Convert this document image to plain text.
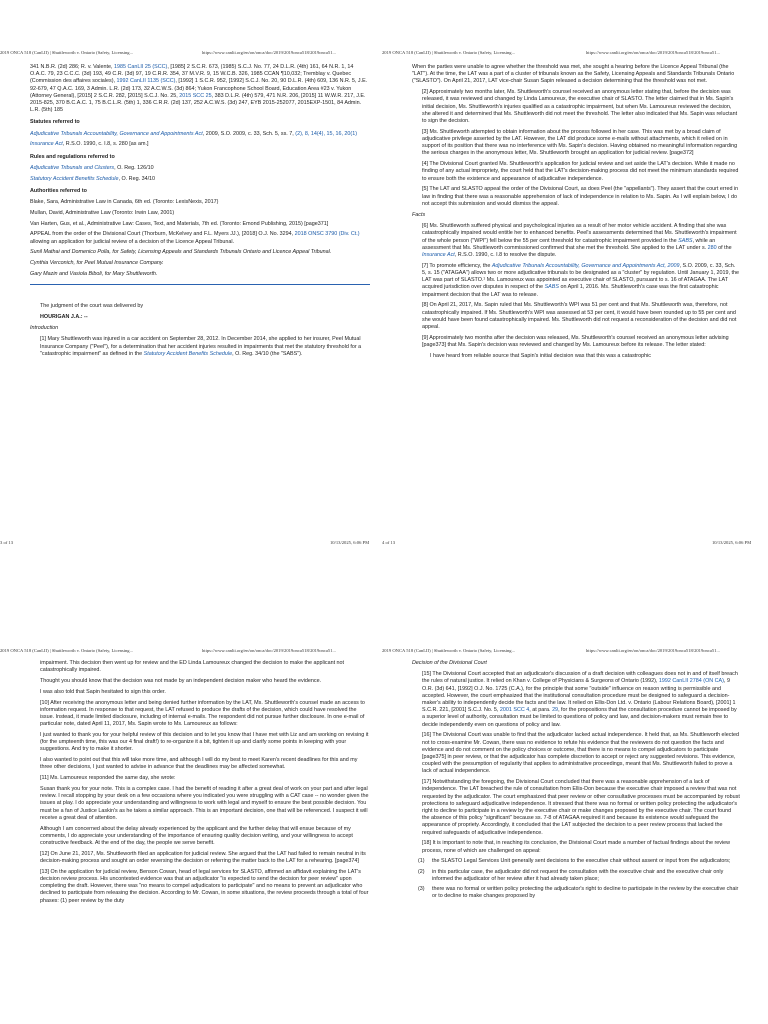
2019 ONCA 518 (CanLII) | Shuttleworth v. Ontario (Safety, Licensing...	https://www.canlii.org/en/on/onca/doc/2019/2019onca518/2019onca51...	2019 ONCA 518 (CanLII) | Shuttleworth v. Ontario (Safety, Licensing...	https://www.canlii.org/en/on/onca/doc/2019/2019onca518/2019onca51...

341 N.B.R. (2d) 286; R. v. Valente, 1985 CanLII 25 (SCC), [1985] 2 S.C.R. 673, (1985) S.C.J. No. 77, 24 D.L.R. (4th) 161, 64 N.R. 1, 14 O.A.C. 79, 23 C.C.C. (3d) 193, 49 C.R. (3d) 97, 19 C.R.R. 354, 37 M.V.R. 9, 15 W.C.B. 326, 1985 CCAN ¶10,032; Tremblay v. Quebec (Commission des affaires sociales), 1992 CanLII 1135 (SCC), [1992] 1 S.C.R. 952, [1992] S.C.J. No. 20, 90 D.L.R. (4th) 609, 136 N.R. 5, J.E. 92-679, 47 Q.A.C. 169, 3 Admin. L.R. (2d) 173, 32 A.C.W.S. (3d) 864; Yukon Francophone School Board, Education Area #23 v. Yukon (Attorney General), [2015] 2 S.C.R. 282, [2015] S.C.J. No. 25, 2015 SCC 25, 383 D.L.R. (4th) 579, 471 N.R. 206, [2015] 11 W.W.R. 217, J.E. 2015-825, 370 B.C.A.C. 1, 75 B.C.L.R. (5th) 1, 336 C.R.R. (2d) 137, 252 A.C.W.S. (3d) 247, EYB 2015-252077, 2015EXP-1501, 84 Admin. L.R. (5th) 185

Statutes referred to

Adjudicative Tribunals Accountability, Governance and Appointments Act, 2009, S.O. 2009, c. 33, Sch. 5, ss. 7, (2), 8, 14(4), 15, 16, 20(1)

Insurance Act, R.S.O. 1990, c. I.8, s. 280 [as am.]

Rules and regulations referred to

Adjudicative Tribunals and Clusters, O. Reg. 126/10

Statutory Accident Benefits Schedule, O. Reg. 34/10

Authorities referred to

Blake, Sara, Administrative Law in Canada, 6th ed. (Toronto: LexisNexis, 2017)

Mullan, David, Administrative Law (Toronto: Irwin Law, 2001)

Van Harten, Gus, et al., Administrative Law: Cases, Text, and Materials, 7th ed. (Toronto: Emond Publishing, 2015) [page371]

APPEAL from the order of the Divisional Court (Thorburn, McKelvey and F.L. Myers JJ.), [2018] O.J. No. 3294, 2018 ONSC 3790 (Div. Ct.) allowing an application for judicial review of a decision of the Licence Appeal Tribunal.

Sunil Mathai and Domenico Polla, for Safety, Licensing Appeals and Standards Tribunals Ontario and Licence Appeal Tribunal.

Cynthia Verconich, for Peel Mutual Insurance Company.

Gary Mazin and Vasiola Biboli, for Mary Shuttleworth.

The judgment of the court was delivered by

HOURIGAN J.A.: --

Introduction

[1] Mary Shuttleworth was injured in a car accident on September 28, 2012. In December 2014, she applied to her insurer, Peel Mutual Insurance Company ("Peel"), for a determination that her accident injuries resulted in impairments that met the statutory threshold for a "catastrophic impairment" as defined in the Statutory Accident Benefits Schedule, O. Reg. 34/10 (the "SABS").

When the parties were unable to agree whether the threshold was met, she sought a hearing before the Licence Appeal Tribunal (the "LAT"). At the time, the LAT was a part of a cluster of tribunals known as the Safety, Licensing Appeals and Standards Tribunals Ontario ("SLASTO"). On April 21, 2017, LAT vice-chair Susan Sapin released a decision determining that the threshold was not met.

[2] Approximately two months later, Ms. Shuttleworth's counsel received an anonymous letter stating that, before the decision was released, it was reviewed and changed by Linda Lamoureux, the executive chair of SLASTO. The letter claimed that in Ms. Sapin's initial decision, Ms. Shuttleworth's injuries qualified as a catastrophic impairment, but when Ms. Lamoureux reviewed the decision, she altered it and determined that Ms. Shuttleworth did not meet the threshold. The letter also indicated that Ms. Sapin was reluctant to sign the decision.

[3] Ms. Shuttleworth attempted to obtain information about the process followed in her case. This was met by a broad claim of adjudicative privilege asserted by the LAT. However, the LAT did produce some e-mails without attachments, which it relied on in support of its position that there was no interference with Ms. Sapin's decision. Having obtained no meaningful information regarding the serious charges in the anonymous letter, Ms. Shuttleworth brought an application for judicial review. [page372]

[4] The Divisional Court granted Ms. Shuttleworth's application for judicial review and set aside the LAT's decision. While it made no finding of any actual impropriety, the court held that the LAT's decision-making process did not meet the minimum standards required to ensure both the existence and appearance of adjudicative independence.

[5] The LAT and SLASTO appeal the order of the Divisional Court, as does Peel (the "appellants"). They assert that the court erred in law in finding that there was a reasonable apprehension of lack of independence in relation to Ms. Sapin. As I will explain below, I do not accept this submission and would dismiss the appeal.

Facts

[6] Ms. Shuttleworth suffered physical and psychological injuries as a result of her motor vehicle accident. A finding that she was catastrophically impaired would entitle her to enhanced benefits. Peel's assessments determined that Ms. Shuttleworth's impairment of the whole person ("WPI") fell below the 55 per cent threshold for catastrophic impairment provided in the SABS, while an assessment that Ms. Shuttleworth commissioned confirmed that she met the threshold. She applied to the LAT under s. 280 of the Insurance Act, R.S.O. 1990, c. I.8 to resolve the dispute.

[7] To promote efficiency, the Adjudicative Tribunals Accountability, Governance and Appointments Act, 2009, S.O. 2009, c. 33, Sch. 5, s. 15 ("ATAGAA") allows two or more adjudicative tribunals to be designated as a "cluster" by regulation. Until January 1, 2019, the LAT was part of SLASTO.¹ Ms. Lamoureux was appointed as executive chair of SLASTO, pursuant to s. 16 of ATAGAA. The LAT acquired jurisdiction over disputes in respect of the SABS on April 1, 2016. Ms. Shuttleworth's case was the first catastrophic impairment decision that the LAT was to release.

[8] On April 21, 2017, Ms. Sapin ruled that Ms. Shuttleworth's WPI was 51 per cent and that Ms. Shuttleworth was, therefore, not catastrophically impaired. If Ms. Shuttleworth's WPI was assessed at 53 per cent, it would have been rounded up to 55 per cent and she would have been found catastrophically impaired. Ms. Shuttleworth did not request a reconsideration of the decision and did not appeal.

[9] Approximately two months after the decision was released, Ms. Shuttleworth's counsel received an anonymous letter advising [page373] that Ms. Sapin's decision was reviewed and changed by Ms. Lamoureux before its release. The letter stated:

I have heard from reliable source that Sapin's initial decision was that this was a catastrophic

3 of 13	10/13/2025, 6:06 PM	4 of 13	10/13/2025, 6:06 PM
2019 ONCA 518 (CanLII) | Shuttleworth v. Ontario (Safety, Licensing...	https://www.canlii.org/en/on/onca/doc/2019/2019onca518/2019onca51...	2019 ONCA 518 (CanLII) | Shuttleworth v. Ontario (Safety, Licensing...	https://www.canlii.org/en/on/onca/doc/2019/2019onca518/2019onca51...

impairment. This decision then went up for review and the ED Linda Lamoureux changed the decision to make the applicant not catastrophically impaired.

Thought you should know that the decision was not made by an independent decision maker who heard the evidence.

I was also told that Sapin hesitated to sign this order.

[10] After receiving the anonymous letter and being denied further information by the LAT, Ms. Shuttleworth's counsel made an access to information request. In response to that request, the LAT refused to produce the drafts of the decision, which could have resolved the issue. Instead, it made limited disclosure, including of internal e-mails. The respondent did not pursue further disclosure. In one e-mail of particular note, dated April 11, 2017, Ms. Sapin wrote to Ms. Lamoureux as follows:

I just wanted to thank you for your helpful review of this decision and to let you know that I have met with Liz and am working on revising it (for the umpteenth time, this was our 4 final draft!) to re-organize it a bit, tighten it up and clarify some points in keeping with your suggestions. And try to make it shorter.

I also wanted to point out that this will take more time, and although I will do my best to meet Karen's recent deadlines for this and my three other decisions, I just wanted to advise in advance that the deadlines may be affected somewhat.

[11] Ms. Lamoureux responded the same day, she wrote:

Susan thank you for your note. This is a complex case. I had the benefit of reading it after a great deal of work on your part and after legal review. I recall stopping by your desk on a few occasions where you indicated you were struggling with a CAT case -- no wonder given the issues at play. I do appreciate your understanding and willingness to work with legal and myself to ensure the best possible decision. You must be a fan of Justice Laskin's as he takes a similar approach. This is an important decision, one that will be referenced. I suspect it will receive a great deal of attention.

Although I am concerned about the delay already experienced by the applicant and the further delay that will ensue because of my comments, I do appreciate your understanding of the importance of ensuring quality decision writing, and your willingness to accept constructive feedback. At the end of the day, the people we serve benefit.

[12] On June 21, 2017, Ms. Shuttleworth filed an application for judicial review. She argued that the LAT had failed to remain neutral in its decision-making process and sought an order reversing the decision or referring the matter back to the LAT for a rehearing. [page374]

[13] On the application for judicial review, Benson Cowan, head of legal services for SLASTO, affirmed an affidavit explaining the LAT's decision review process. His uncontested evidence was that an adjudicator "is expected to send the decision for peer review" upon completing the draft. However, there was "no means to compel adjudicators to participate" and no means to prevent an adjudicator who declined to participate from releasing the decision. According to Mr. Cowan, in some situations, the review proceeds through a total of four phases: (1) peer review by the duty

Decision of the Divisional Court

[15] The Divisional Court accepted that an adjudicator's discussion of a draft decision with colleagues does not in and of itself breach the rules of natural justice. It relied on Khan v. College of Physicians & Surgeons of Ontario (1992), 1992 CanLII 2784 (ON CA), 9 O.R. (3d) 641, [1992] O.J. No. 1725 (C.A.), for the principle that some "outside" influence on reason writing is permissible and accepted. However, the court emphasized that the institutional consultation procedure must be designed to safeguard a decision-maker's ability to independently decide the facts and the law. It relied on Ellis-Don Ltd. v. Ontario (Labour Relations Board), [2001] 1 S.C.R. 221, [2001] S.C.J. No. 5, 2001 SCC 4, at para. 29, for the propositions that the consultation procedure cannot be imposed by a superior level of authority, consultation must be limited to questions of policy and law, and decision-makers must remain free to decide independently even on questions of policy and law.

[16] The Divisional Court was unable to find that the adjudicator lacked actual independence. It held that, as Ms. Shuttleworth elected not to cross-examine Mr. Cowan, there was no evidence to refute his evidence that the reviewers do not question the facts and evidence and do not comment on the policy choices or outcome, that there is no means to compel adjudicators to participate [page375] in peer review, or that the adjudicator has complete discretion to accept or reject any suggested revisions. This evidence, coupled with the presumption of regularity that applies to administrative proceedings, meant that Ms. Shuttleworth failed to prove a lack of actual independence.

[17] Notwithstanding the foregoing, the Divisional Court concluded that there was a reasonable apprehension of a lack of independence. The LAT breached the rule of consultation from Ellis-Don because the executive chair imposed a review that was not requested by the adjudicator. The court emphasized that peer review or other consultative processes must be accompanied by robust protections to safeguard adjudicative independence. It stressed that there was no formal or written policy protecting the adjudicator's right to decline to participate in a review by the executive chair or make changes proposed by the executive chair. The court found the absence of this policy "significant" because ss. 7-8 of ATAGAA required it and because its existence would safeguard the appearance of propriety. Accordingly, it concluded that the LAT subjected the decision to a peer review process that lacked the required safeguards of adjudicative independence.

[18] It is important to note that, in reaching its conclusion, the Divisional Court made a number of factual findings about the review process, none of which are challenged on appeal:

(1)	the SLASTO Legal Services Unit generally sent decisions to the executive chair without assent or input from the adjudicators;
(2)	in this particular case, the adjudicator did not request the consultation with the executive chair and the executive chair only informed the adjudicator of her review after it had already taken place;
(3)	there was no formal or written policy protecting the adjudicator's right to decline to participate in the review by the executive chair or to decline to make changes proposed by
